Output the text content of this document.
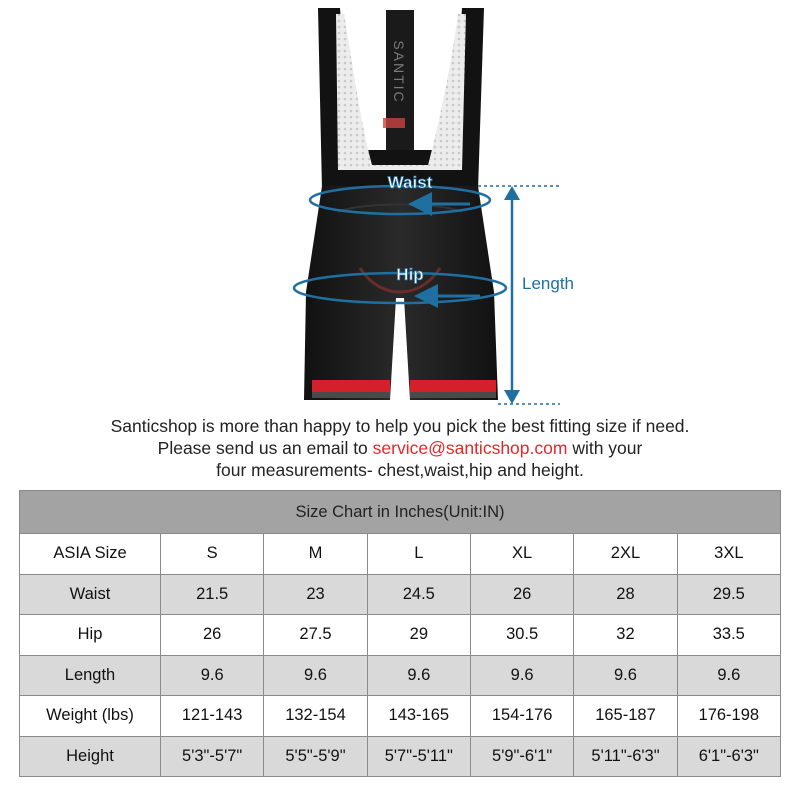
SANTIC
Waist
Hip	Length
Santicshop is more than happy to help you pick the best fitting size if need.
Please send us an email to service@santicshop.com with your
four measurements- chest,waist,hip and height.
Size Chart in Inches(Unit:IN)						
ASIA Size	S	M	L	XL	2XL	3XL
Waist	21.5	23	24.5	26	28	29.5
Hip	26	27.5	29	30.5	32	33.5
Length	9.6	9.6	9.6	9.6	9.6	9.6
Weight (lbs)	121-143	132-154	143-165	154-176	165-187	176-198
Height	5'3"-5'7"	5'5"-5'9"	5'7"-5'11"	5'9"-6'1"	5'11"-6'3"	6'1"-6'3"
